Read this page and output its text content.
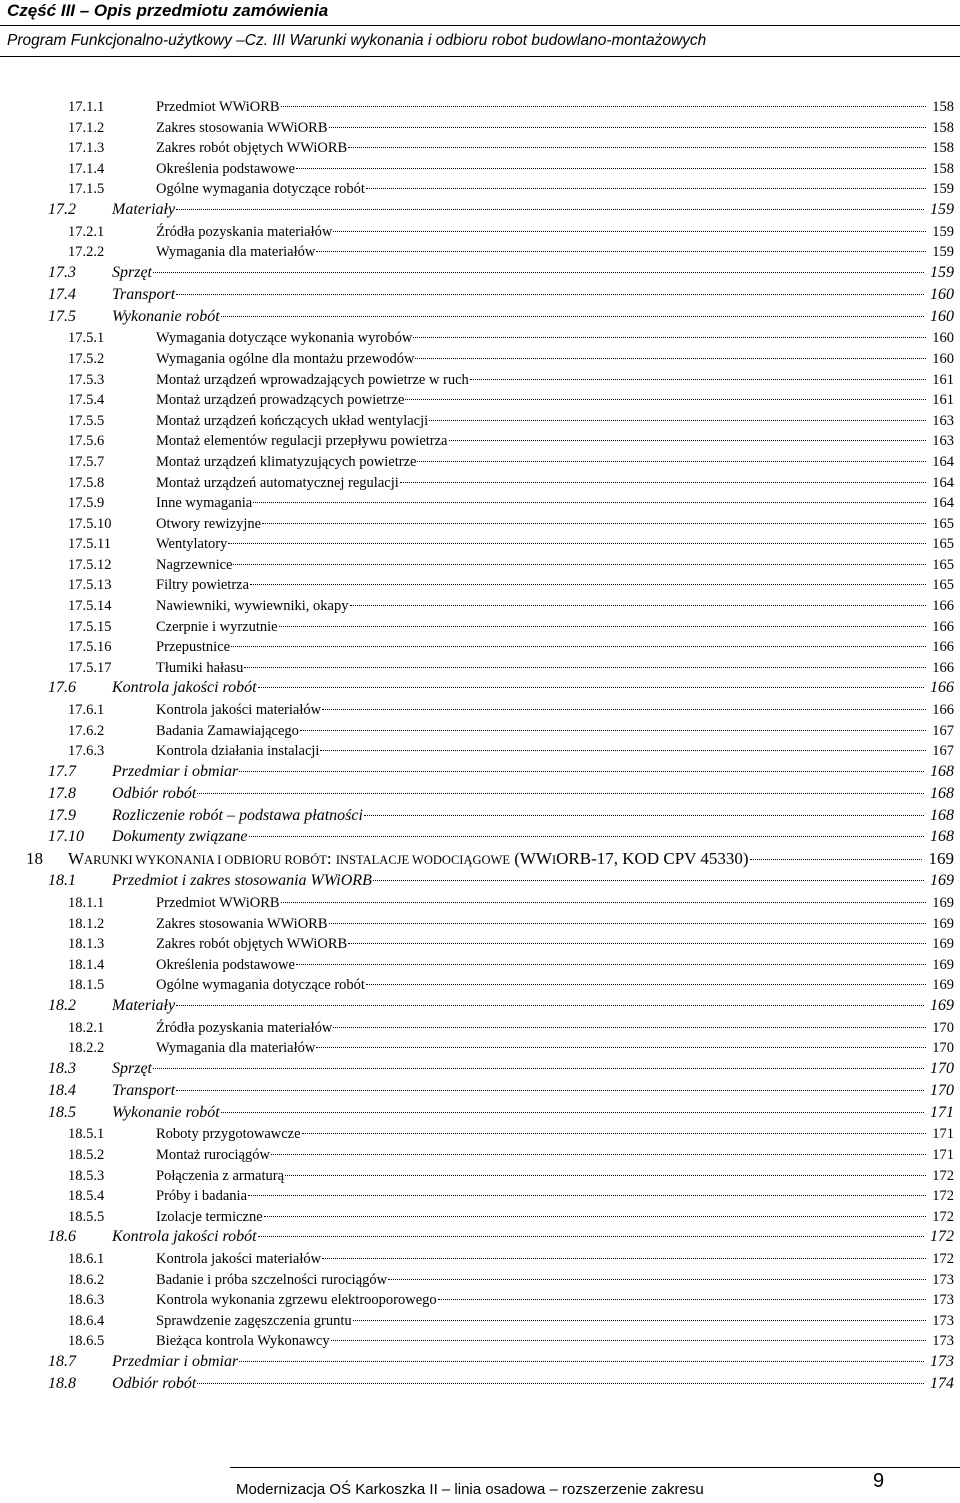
Część III – Opis przedmiotu zamówienia
Program Funkcjonalno-użytkowy –Cz. III Warunki wykonania i odbioru robot budowlano-montażowych
17.1.1	Przedmiot WWiORB	158
17.1.2	Zakres stosowania WWiORB	158
17.1.3	Zakres robót objętych WWiORB	158
17.1.4	Określenia podstawowe	158
17.1.5	Ogólne wymagania dotyczące robót	159
17.2 Materiały	159
17.2.1	Źródła pozyskania materiałów	159
17.2.2	Wymagania dla materiałów	159
17.3 Sprzęt	159
17.4 Transport	160
17.5 Wykonanie robót	160
17.5.1	Wymagania dotyczące wykonania wyrobów	160
17.5.2	Wymagania ogólne dla montażu przewodów	160
17.5.3	Montaż urządzeń wprowadzających powietrze w ruch	161
17.5.4	Montaż urządzeń prowadzących powietrze	161
17.5.5	Montaż urządzeń kończących układ wentylacji	163
17.5.6	Montaż elementów regulacji przepływu powietrza	163
17.5.7	Montaż urządzeń klimatyzujących powietrze	164
17.5.8	Montaż urządzeń automatycznej regulacji	164
17.5.9	Inne wymagania	164
17.5.10	Otwory rewizyjne	165
17.5.11	Wentylatory	165
17.5.12	Nagrzewnice	165
17.5.13	Filtry powietrza	165
17.5.14	Nawiewniki, wywiewniki, okapy	166
17.5.15	Czerpnie i wyrzutnie	166
17.5.16	Przepustnice	166
17.5.17	Tłumiki hałasu	166
17.6 Kontrola jakości robót	166
17.6.1	Kontrola jakości materiałów	166
17.6.2	Badania Zamawiającego	167
17.6.3	Kontrola działania instalacji	167
17.7 Przedmiar i obmiar	168
17.8 Odbiór robót	168
17.9 Rozliczenie robót – podstawa płatności	168
17.10 Dokumenty związane	168
18 WARUNKI WYKONANIA I ODBIORU ROBÓT: INSTALACJE WODOCIĄGOWE (WWIORB-17, KOD CPV 45330)	169
18.1 Przedmiot i zakres stosowania WWiORB	169
18.1.1	Przedmiot WWiORB	169
18.1.2	Zakres stosowania WWiORB	169
18.1.3	Zakres robót objętych WWiORB	169
18.1.4	Określenia podstawowe	169
18.1.5	Ogólne wymagania dotyczące robót	169
18.2 Materiały	169
18.2.1	Źródła pozyskania materiałów	170
18.2.2	Wymagania dla materiałów	170
18.3 Sprzęt	170
18.4 Transport	170
18.5 Wykonanie robót	171
18.5.1	Roboty przygotowawcze	171
18.5.2	Montaż rurociągów	171
18.5.3	Połączenia z armaturą	172
18.5.4	Próby i badania	172
18.5.5	Izolacje termiczne	172
18.6 Kontrola jakości robót	172
18.6.1	Kontrola jakości materiałów	172
18.6.2	Badanie i próba szczelności rurociągów	173
18.6.3	Kontrola wykonania zgrzewu elektrooporowego	173
18.6.4	Sprawdzenie zagęszczenia gruntu	173
18.6.5	Bieżąca kontrola Wykonawcy	173
18.7 Przedmiar i obmiar	173
18.8 Odbiór robót	174
Modernizacja OŚ Karkoszka II – linia osadowa – rozszerzenie zakresu	9
